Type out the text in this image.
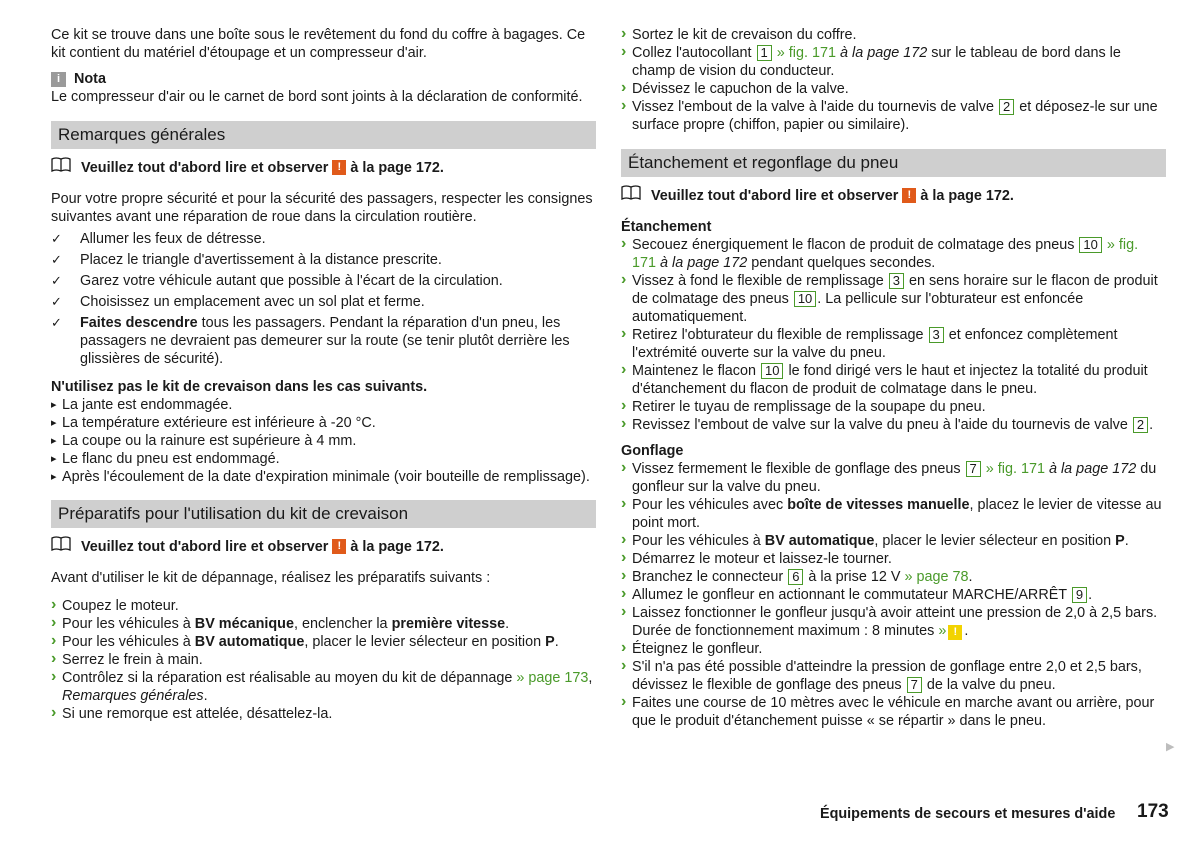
Ce kit se trouve dans une boîte sous le revêtement du fond du coffre à bagages. Ce kit contient du matériel d'étoupage et un compresseur d'air.

i Nota

Le compresseur d'air ou le carnet de bord sont joints à la déclaration de conformité.

Remarques générales
Veuillez tout d'abord lire et observer ! à la page 172.

Pour votre propre sécurité et pour la sécurité des passagers, respecter les consignes suivantes avant une réparation de roue dans la circulation routière.

✓ Allumer les feux de détresse.
✓ Placez le triangle d'avertissement à la distance prescrite.
✓ Garez votre véhicule autant que possible à l'écart de la circulation.
✓ Choisissez un emplacement avec un sol plat et ferme.
✓ Faites descendre tous les passagers. Pendant la réparation d'un pneu, les passagers ne devraient pas demeurer sur la route (se tenir plutôt derrière les glissières de sécurité).

N'utilisez pas le kit de crevaison dans les cas suivants.

▸ La jante est endommagée.
▸ La température extérieure est inférieure à -20 °C.
▸ La coupe ou la rainure est supérieure à 4 mm.
▸ Le flanc du pneu est endommagé.
▸ Après l'écoulement de la date d'expiration minimale (voir bouteille de remplissage).
Préparatifs pour l'utilisation du kit de crevaison
Veuillez tout d'abord lire et observer ! à la page 172.

Avant d'utiliser le kit de dépannage, réalisez les préparatifs suivants :

› Coupez le moteur.
› Pour les véhicules à BV mécanique, enclencher la première vitesse.
› Pour les véhicules à BV automatique, placer le levier sélecteur en position P.
› Serrez le frein à main.
› Contrôlez si la réparation est réalisable au moyen du kit de dépannage » page 173, Remarques générales.
› Si une remorque est attelée, désattelez-la.
› Sortez le kit de crevaison du coffre.
› Collez l'autocollant 1 » fig. 171 à la page 172 sur le tableau de bord dans le champ de vision du conducteur.
› Dévissez le capuchon de la valve.
› Vissez l'embout de la valve à l'aide du tournevis de valve 2 et déposez-le sur une surface propre (chiffon, papier ou similaire).
Étanchement et regonflage du pneu
Veuillez tout d'abord lire et observer ! à la page 172.

Étanchement

› Secouez énergiquement le flacon de produit de colmatage des pneus 10 » fig. 171 à la page 172 pendant quelques secondes.
› Vissez à fond le flexible de remplissage 3 en sens horaire sur le flacon de produit de colmatage des pneus 10 . La pellicule sur l'obturateur est enfoncée automatiquement.
› Retirez l'obturateur du flexible de remplissage 3 et enfoncez complètement l'extrémité ouverte sur la valve du pneu.
› Maintenez le flacon 10 le fond dirigé vers le haut et injectez la totalité du produit d'étanchement du flacon de produit de colmatage dans le pneu.
› Retirer le tuyau de remplissage de la soupape du pneu.
› Revissez l'embout de valve sur la valve du pneu à l'aide du tournevis de valve 2 .

Gonflage

› Vissez fermement le flexible de gonflage des pneus 7 » fig. 171 à la page 172 du gonfleur sur la valve du pneu.
› Pour les véhicules avec boîte de vitesses manuelle, placez le levier de vitesse au point mort.
› Pour les véhicules à BV automatique, placer le levier sélecteur en position P.
› Démarrez le moteur et laissez-le tourner.
› Branchez le connecteur 6 à la prise 12 V » page 78.
› Allumez le gonfleur en actionnant le commutateur MARCHE/ARRÊT 9 .
› Laissez fonctionner le gonfleur jusqu'à avoir atteint une pression de 2,0 à 2,5 bars. Durée de fonctionnement maximum : 8 minutes » ! .
› Éteignez le gonfleur.
› S'il n'a pas été possible d'atteindre la pression de gonflage entre 2,0 et 2,5 bars, dévissez le flexible de gonflage des pneus 7 de la valve du pneu.
› Faites une course de 10 mètres avec le véhicule en marche avant ou arrière, pour que le produit d'étanchement puisse « se répartir » dans le pneu.
▶
Équipements de secours et mesures d'aide 173
